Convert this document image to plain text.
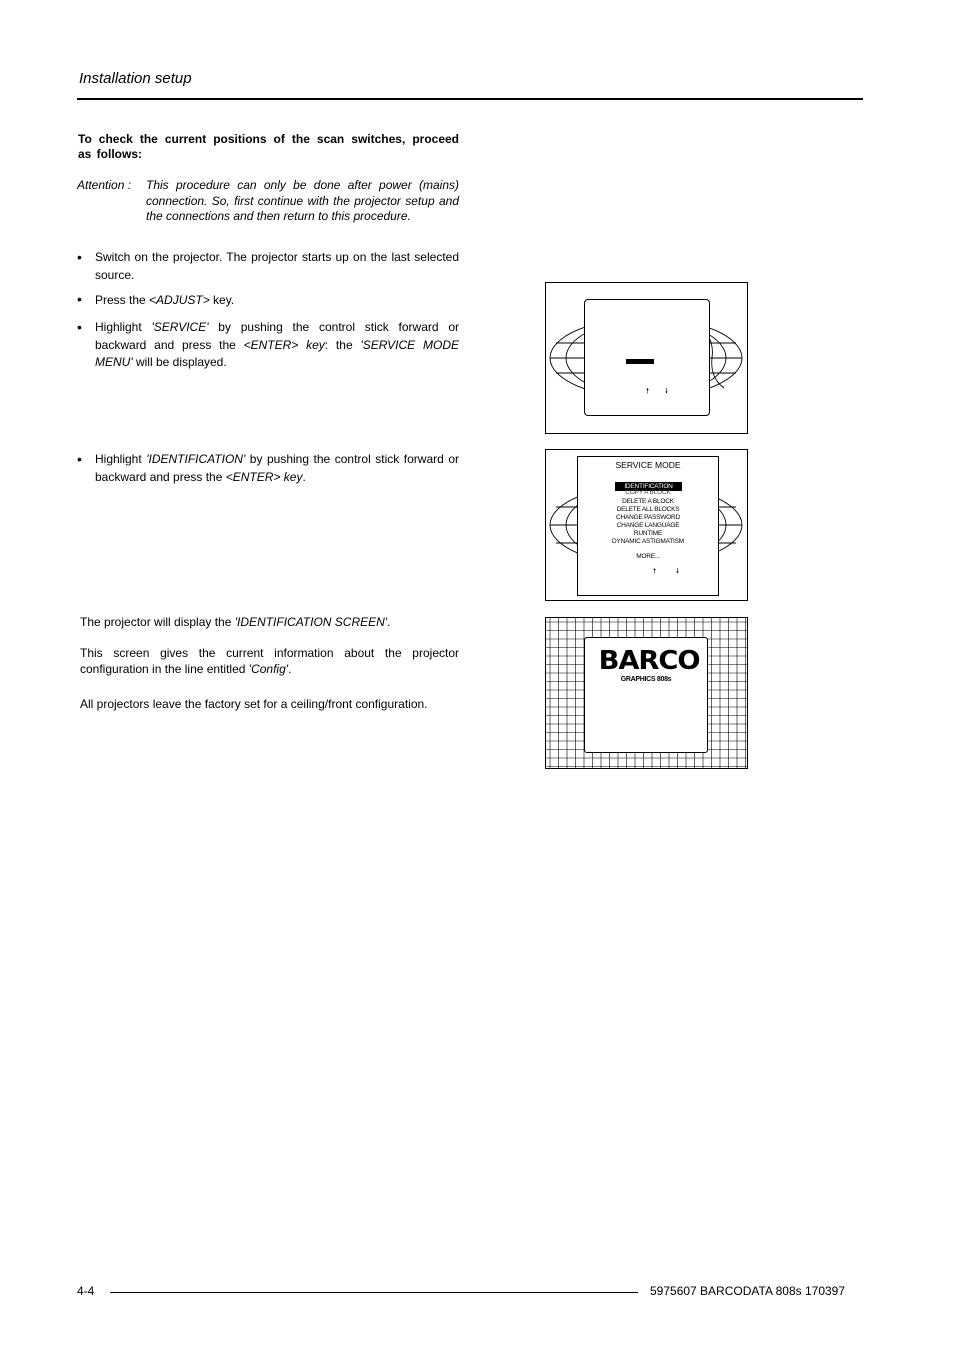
Installation setup
To check the current positions of the scan switches, proceed as follows:
Attention : This procedure can only be done after power (mains) connection. So, first continue with the projector setup and the connections and then return to this procedure.
• Switch on the projector. The projector starts up on the last selected source.
• Press the <ADJUST> key.
• Highlight 'SERVICE' by pushing the control stick forward or backward and press the <ENTER> key: the 'SERVICE MODE MENU' will be displayed.
• Highlight 'IDENTIFICATION' by pushing the control stick forward or backward and press the <ENTER> key.
The projector will display the 'IDENTIFICATION SCREEN'.
This screen gives the current information about the projector configuration in the line entitled 'Config'.
All projectors leave the factory set for a ceiling/front configuration.
🠕 🠗
SERVICE MODE
IDENTIFICATION
COPY A BLOCK
DELETE A BLOCK
DELETE ALL BLOCKS
CHANGE PASSWORD
CHANGE LANGUAGE
RUNTIME
DYNAMIC ASTIGMATISM
MORE...
🠕	🠗
BARCO
GRAPHICS 808s
4-4	5975607 BARCODATA 808s 170397
